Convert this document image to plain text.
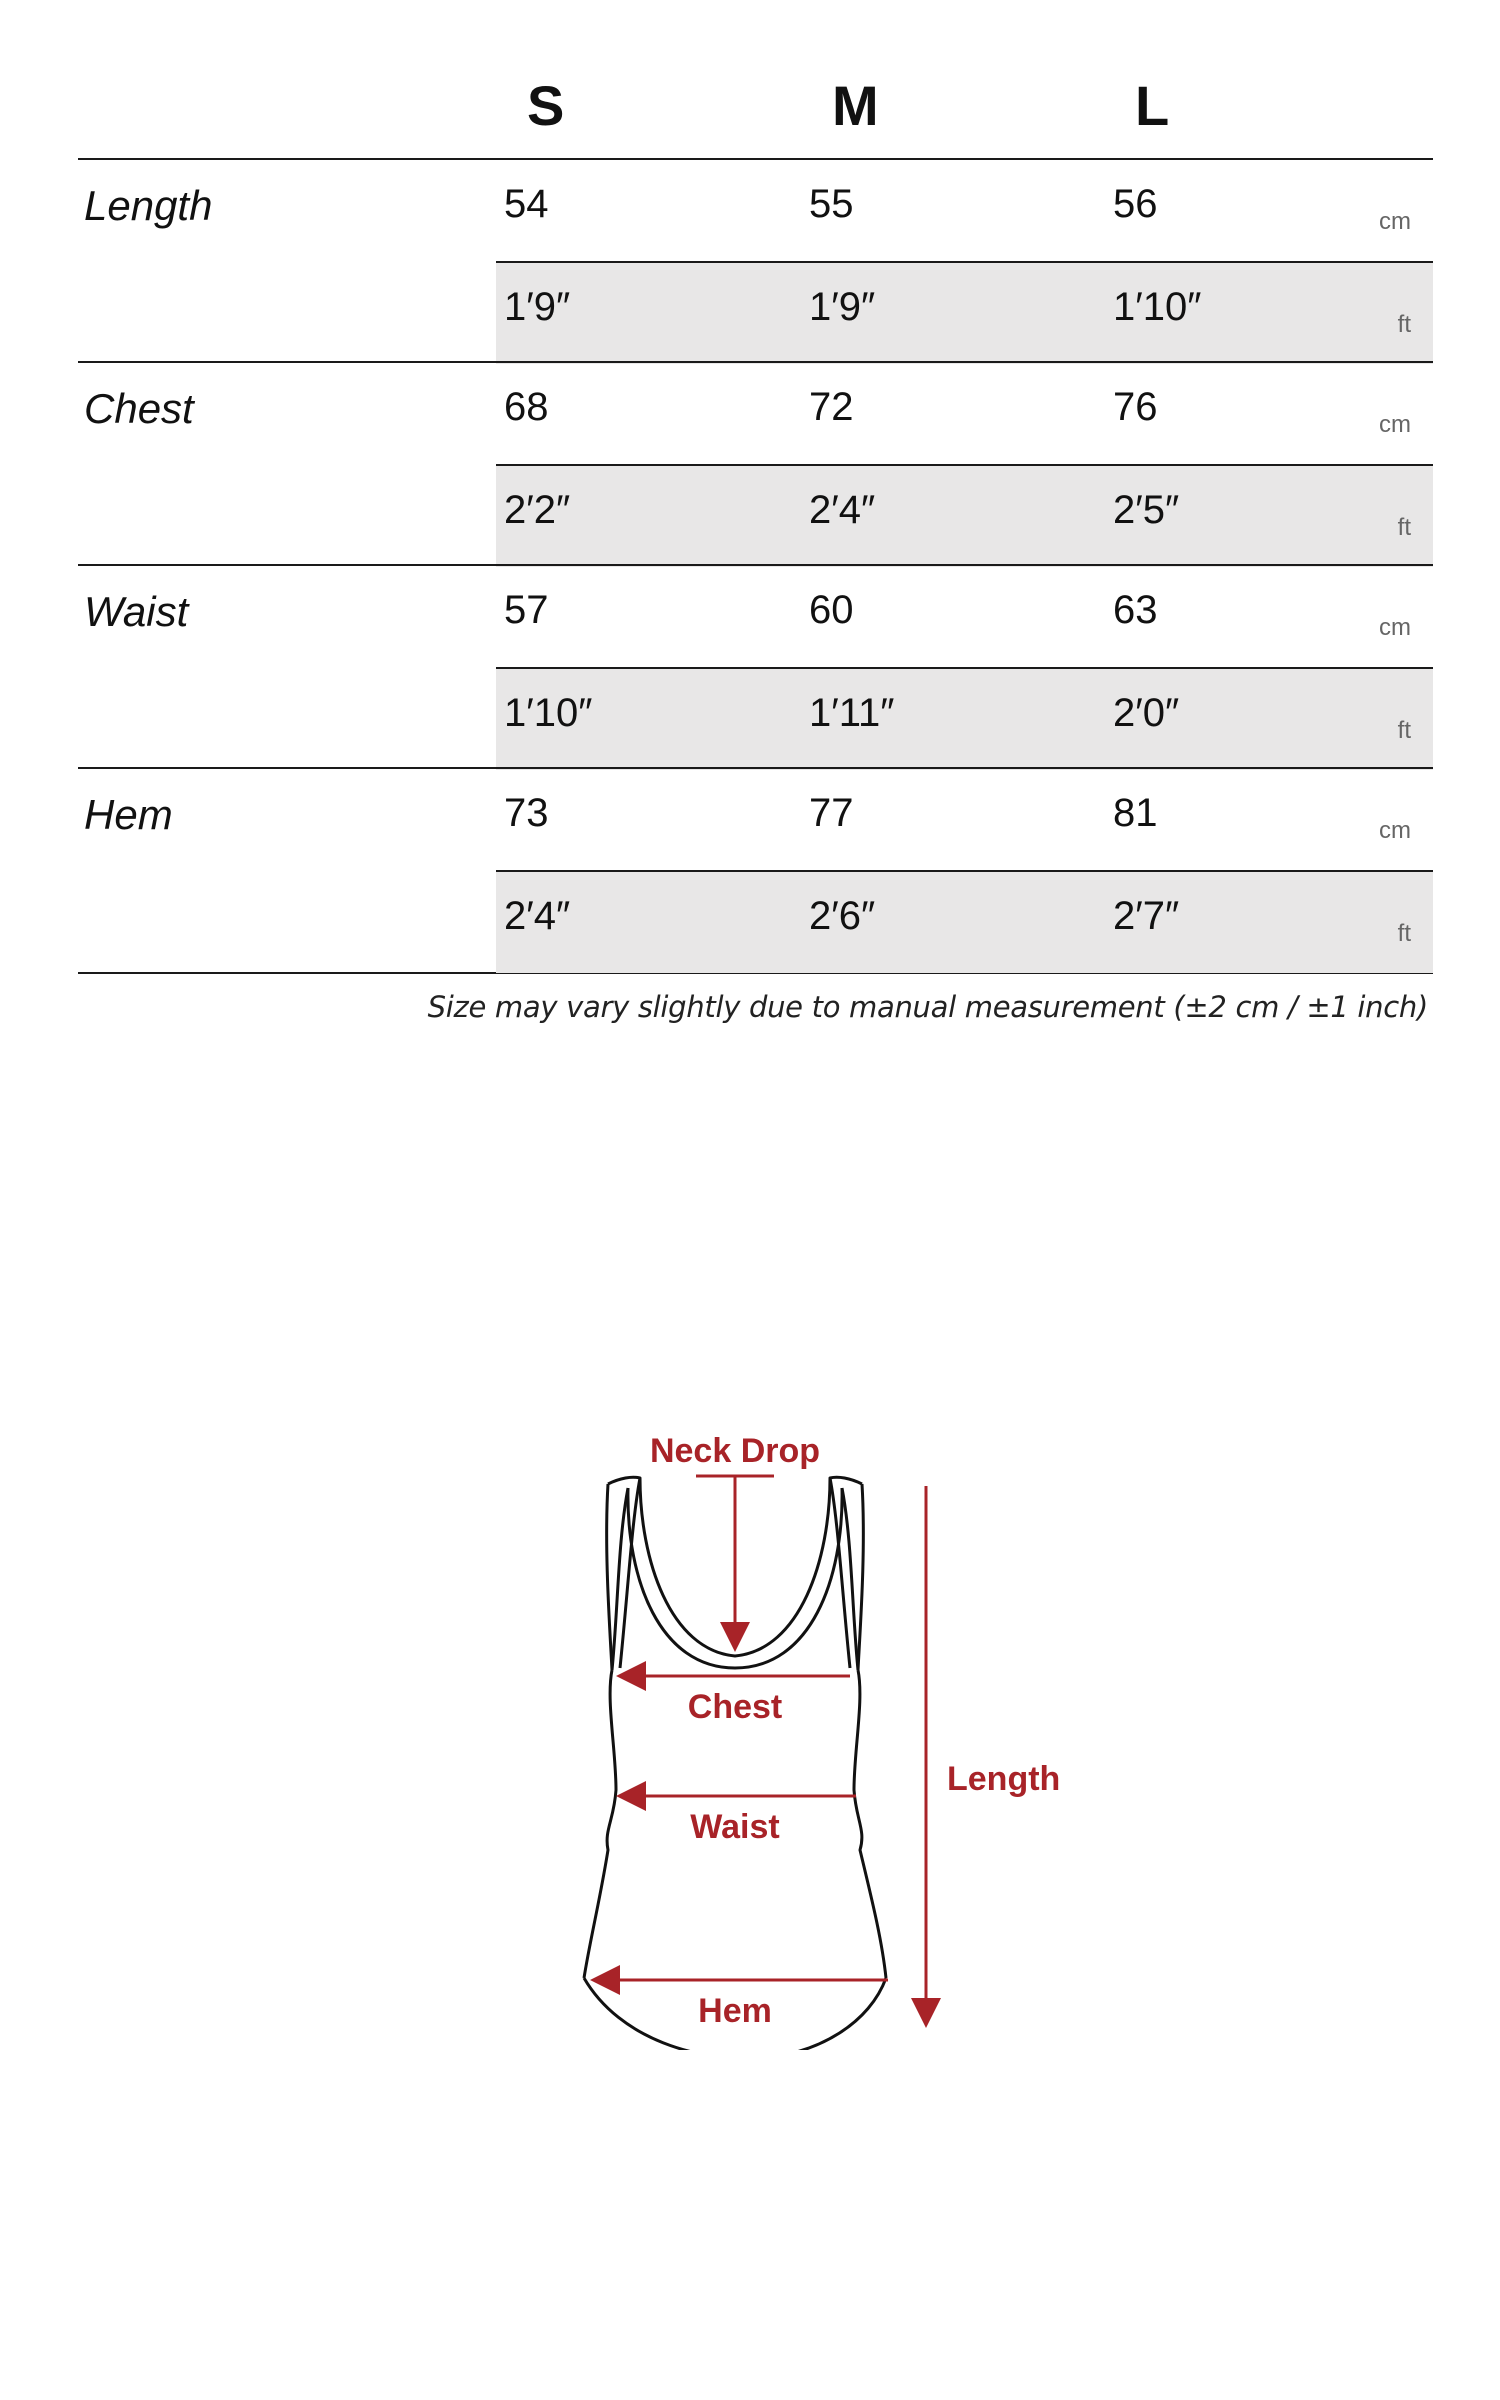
S	M	L
Length	54	55	56	cm
1′9″	1′9″	1′10″	ft
Chest	68	72	76	cm
2′2″	2′4″	2′5″	ft
Waist	57	60	63	cm
1′10″	1′11″	2′0″	ft
Hem	73	77	81	cm
2′4″	2′6″	2′7″	ft
Size may vary slightly due to manual measurement (±2 cm / ±1 inch)
Neck Drop
Chest
Waist
Hem
Length
